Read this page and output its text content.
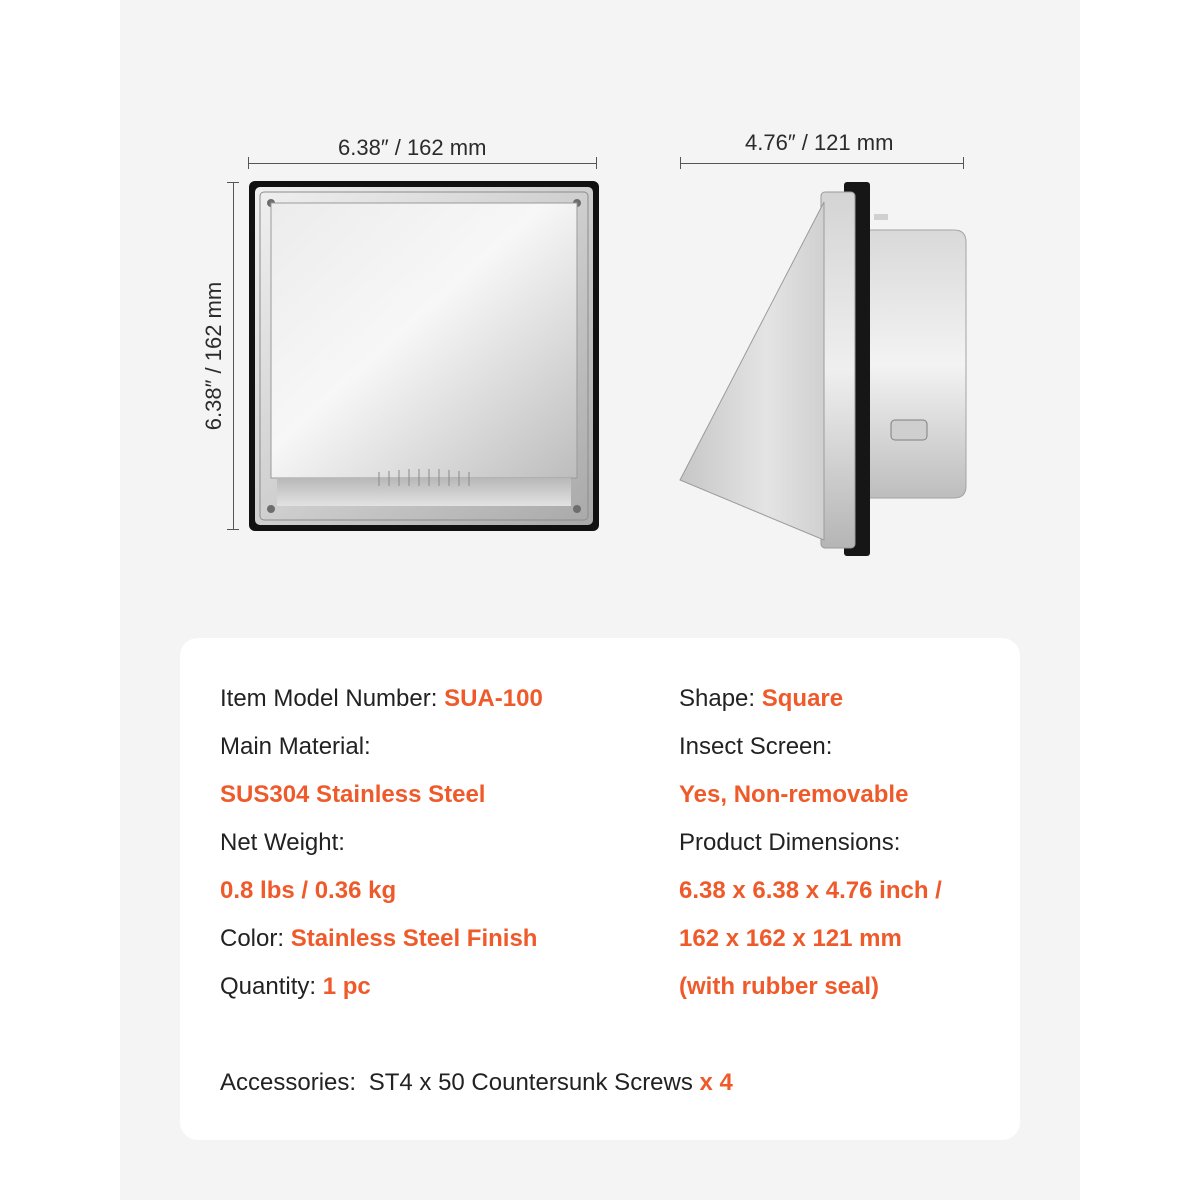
6.38″ / 162 mm
6.38″ / 162 mm
4.76″ / 121 mm
Item Model Number: SUA-100
Main Material:
SUS304 Stainless Steel
Net Weight:
0.8 lbs / 0.36 kg
Color: Stainless Steel Finish
Quantity: 1 pc
Shape: Square
Insect Screen:
Yes, Non-removable
Product Dimensions:
6.38 x 6.38 x 4.76 inch /
162 x 162 x 121 mm
(with rubber seal)
Accessories: ST4 x 50 Countersunk Screws x 4
